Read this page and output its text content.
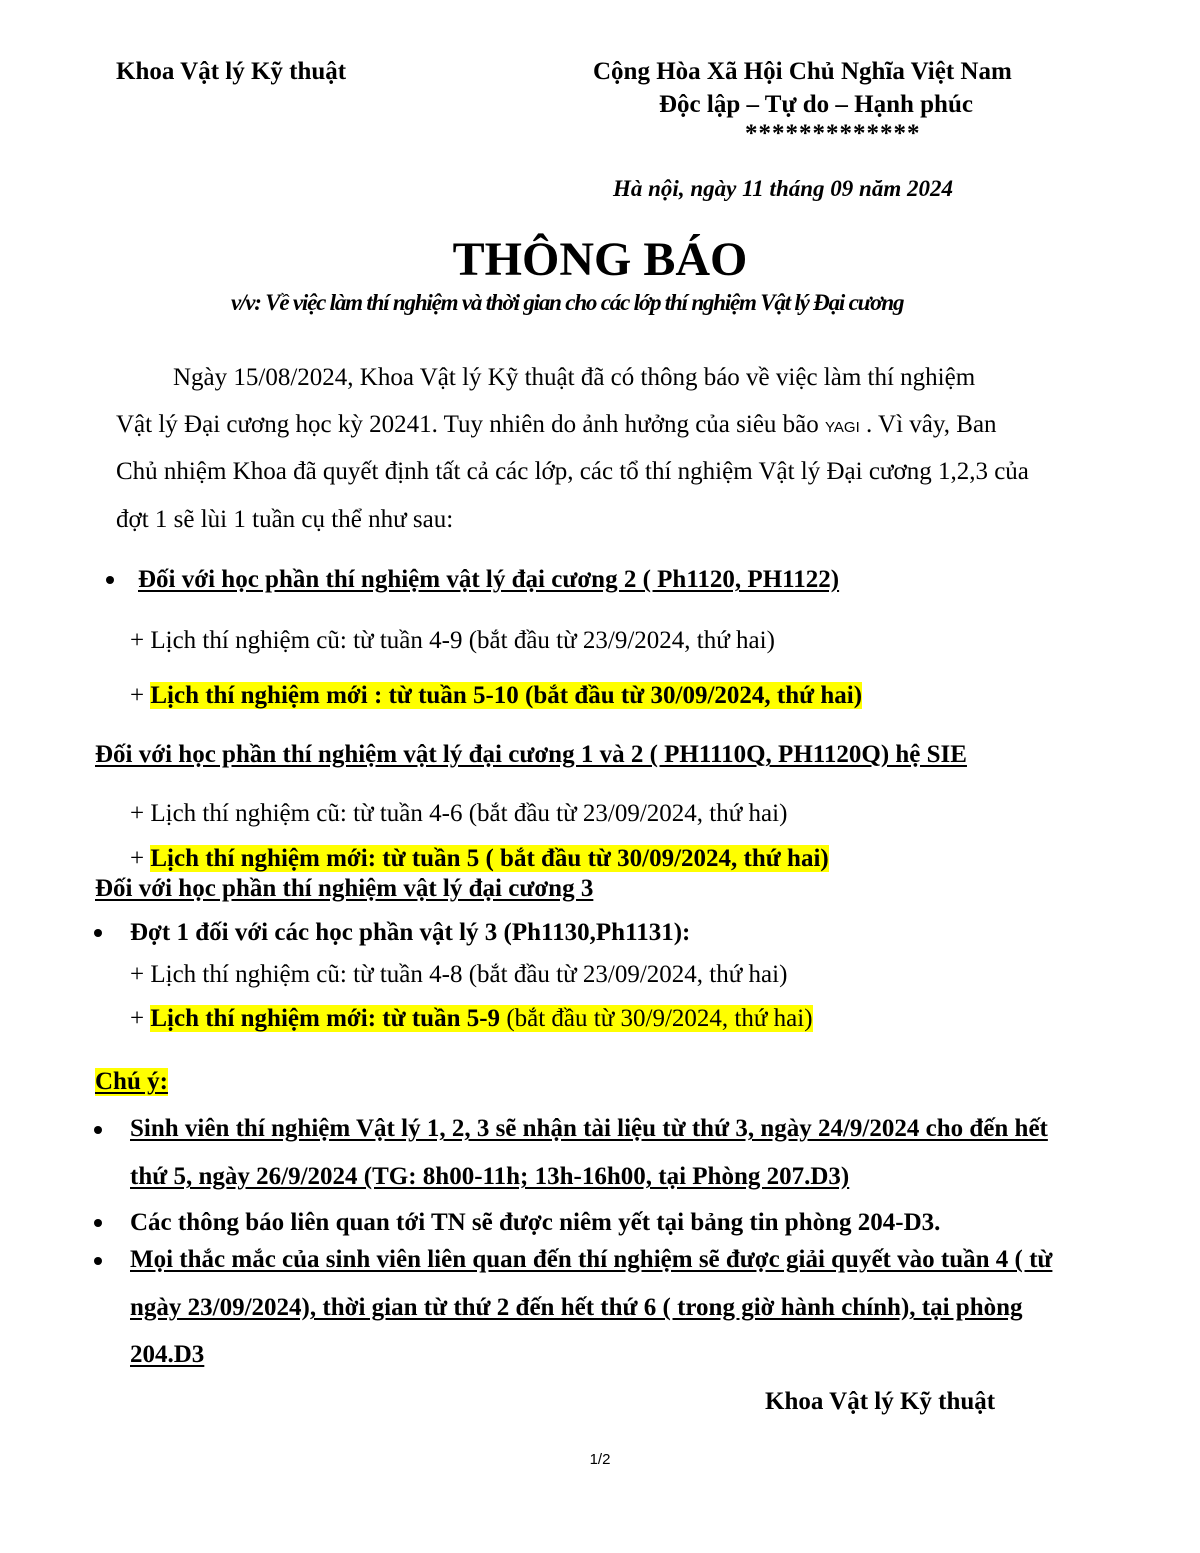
Khoa Vật lý Kỹ thuật	Cộng Hòa Xã Hội Chủ Nghĩa Việt Nam
Độc lập – Tự do – Hạnh phúc
*************
Hà nội, ngày 11 tháng 09 năm 2024
THÔNG BÁO
v/v: Về việc làm thí nghiệm và thời gian cho các lớp thí nghiệm Vật lý Đại cương
Ngày 15/08/2024, Khoa Vật lý Kỹ thuật đã có thông báo về việc làm thí nghiệm
Vật lý Đại cương học kỳ 20241. Tuy nhiên do ảnh hưởng của siêu bão YAGI . Vì vây, Ban
Chủ nhiệm Khoa đã quyết định tất cả các lớp, các tổ thí nghiệm Vật lý Đại cương 1,2,3 của
đợt 1 sẽ lùi 1 tuần cụ thể như sau:
Đối với học phần thí nghiệm vật lý đại cương 2 ( Ph1120, PH1122)
+ Lịch thí nghiệm cũ: từ tuần 4-9 (bắt đầu từ 23/9/2024, thứ hai)
+ Lịch thí nghiệm mới : từ tuần 5-10 (bắt đầu từ 30/09/2024, thứ hai)
Đối với học phần thí nghiệm vật lý đại cương 1 và 2 ( PH1110Q, PH1120Q) hệ SIE
+ Lịch thí nghiệm cũ: từ tuần 4-6 (bắt đầu từ 23/09/2024, thứ hai)
+ Lịch thí nghiệm mới: từ tuần 5 ( bắt đầu từ 30/09/2024, thứ hai)
Đối với học phần thí nghiệm vật lý đại cương 3
Đợt 1 đối với các học phần vật lý 3 (Ph1130,Ph1131):
+ Lịch thí nghiệm cũ: từ tuần 4-8 (bắt đầu từ 23/09/2024, thứ hai)
+ Lịch thí nghiệm mới: từ tuần 5-9 (bắt đầu từ 30/9/2024, thứ hai)
Chú ý:
Sinh viên thí nghiệm Vật lý 1, 2, 3 sẽ nhận tài liệu từ thứ 3, ngày 24/9/2024 cho đến hết
thứ 5, ngày 26/9/2024 (TG: 8h00-11h; 13h-16h00, tại Phòng 207.D3)
Các thông báo liên quan tới TN sẽ được niêm yết tại bảng tin phòng 204-D3.
Mọi thắc mắc của sinh viên liên quan đến thí nghiệm sẽ được giải quyết vào tuần 4 ( từ
ngày 23/09/2024), thời gian từ thứ 2 đến hết thứ 6 ( trong giờ hành chính), tại phòng
204.D3
Khoa Vật lý Kỹ thuật
1/2
